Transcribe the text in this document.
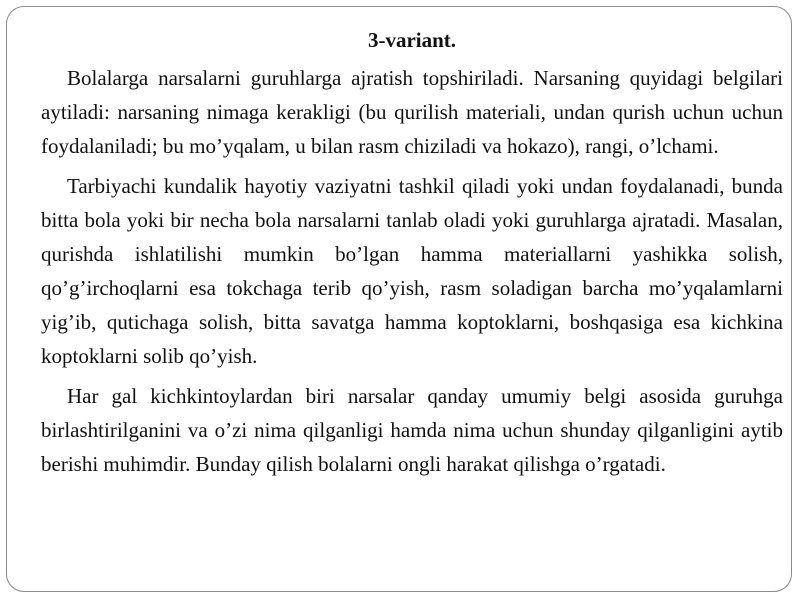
3-variant.

Bolalarga narsalarni guruhlarga ajratish topshiriladi. Narsaning quyidagi belgilari aytiladi: narsaning nimaga kerakligi (bu qurilish materiali, undan qurish uchun uchun foydalaniladi; bu mo’yqalam, u bilan rasm chiziladi va hokazo), rangi, o’lchami.

Tarbiyachi kundalik hayotiy vaziyatni tashkil qiladi yoki undan foydalanadi, bunda bitta bola yoki bir necha bola narsalarni tanlab oladi yoki guruhlarga ajratadi. Masalan, qurishda ishlatilishi mumkin bo’lgan hamma materiallarni yashikka solish, qo’g’irchoqlarni esa tokchaga terib qo’yish, rasm soladigan barcha mo’yqalamlarni yig’ib, qutichaga solish, bitta savatga hamma koptoklarni, boshqasiga esa kichkina koptoklarni solib qo’yish.

Har gal kichkintoylardan biri narsalar qanday umumiy belgi asosida guruhga birlashtirilganini va o’zi nima qilganligi hamda nima uchun shunday qilganligini aytib berishi muhimdir. Bunday qilish bolalarni ongli harakat qilishga o’rgatadi.
